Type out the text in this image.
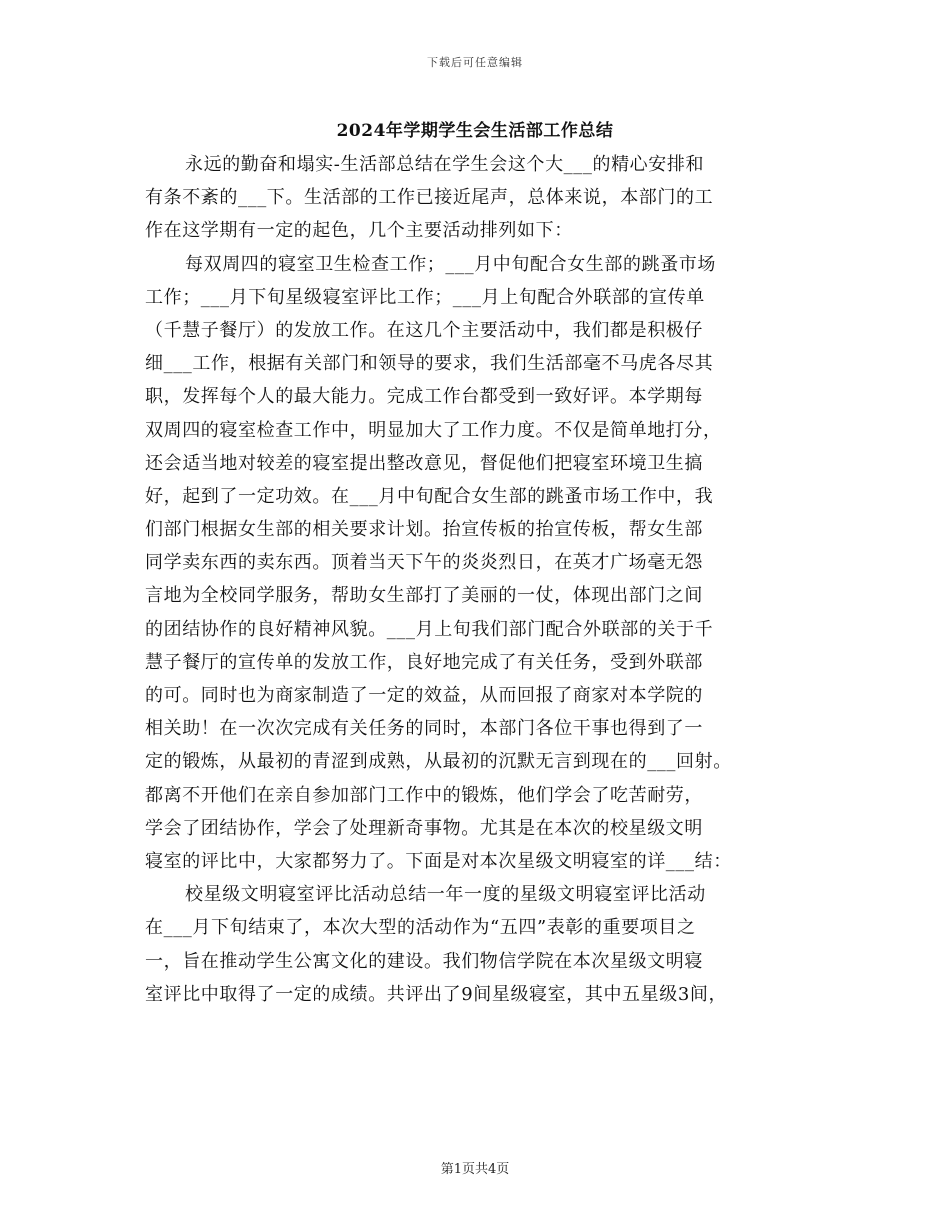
下载后可任意编辑
2024年学期学生会生活部工作总结
永远的勤奋和塌实-生活部总结在学生会这个大___的精心安排和
有条不紊的___下。生活部的工作已接近尾声，总体来说，本部门的工
作在这学期有一定的起色，几个主要活动排列如下：
每双周四的寝室卫生检查工作；___月中旬配合女生部的跳蚤市场
工作；___月下旬星级寝室评比工作；___月上旬配合外联部的宣传单
（千慧子餐厅）的发放工作。在这几个主要活动中，我们都是积极仔
细___工作，根据有关部门和领导的要求，我们生活部毫不马虎各尽其
职，发挥每个人的最大能力。完成工作台都受到一致好评。本学期每
双周四的寝室检查工作中，明显加大了工作力度。不仅是简单地打分，
还会适当地对较差的寝室提出整改意见，督促他们把寝室环境卫生搞
好，起到了一定功效。在___月中旬配合女生部的跳蚤市场工作中，我
们部门根据女生部的相关要求计划。抬宣传板的抬宣传板，帮女生部
同学卖东西的卖东西。顶着当天下午的炎炎烈日，在英才广场毫无怨
言地为全校同学服务，帮助女生部打了美丽的一仗，体现出部门之间
的团结协作的良好精神风貌。___月上旬我们部门配合外联部的关于千
慧子餐厅的宣传单的发放工作，良好地完成了有关任务，受到外联部
的可。同时也为商家制造了一定的效益，从而回报了商家对本学院的
相关助！在一次次完成有关任务的同时，本部门各位干事也得到了一
定的锻炼，从最初的青涩到成熟，从最初的沉默无言到现在的___回射。
都离不开他们在亲自参加部门工作中的锻炼，他们学会了吃苦耐劳，
学会了团结协作，学会了处理新奇事物。尤其是在本次的校星级文明
寝室的评比中，大家都努力了。下面是对本次星级文明寝室的详___结：
校星级文明寝室评比活动总结一年一度的星级文明寝室评比活动
在___月下旬结束了，本次大型的活动作为“五四”表彰的重要项目之
一，旨在推动学生公寓文化的建设。我们物信学院在本次星级文明寝
室评比中取得了一定的成绩。共评出了9间星级寝室，其中五星级3间，
第1页共4页
